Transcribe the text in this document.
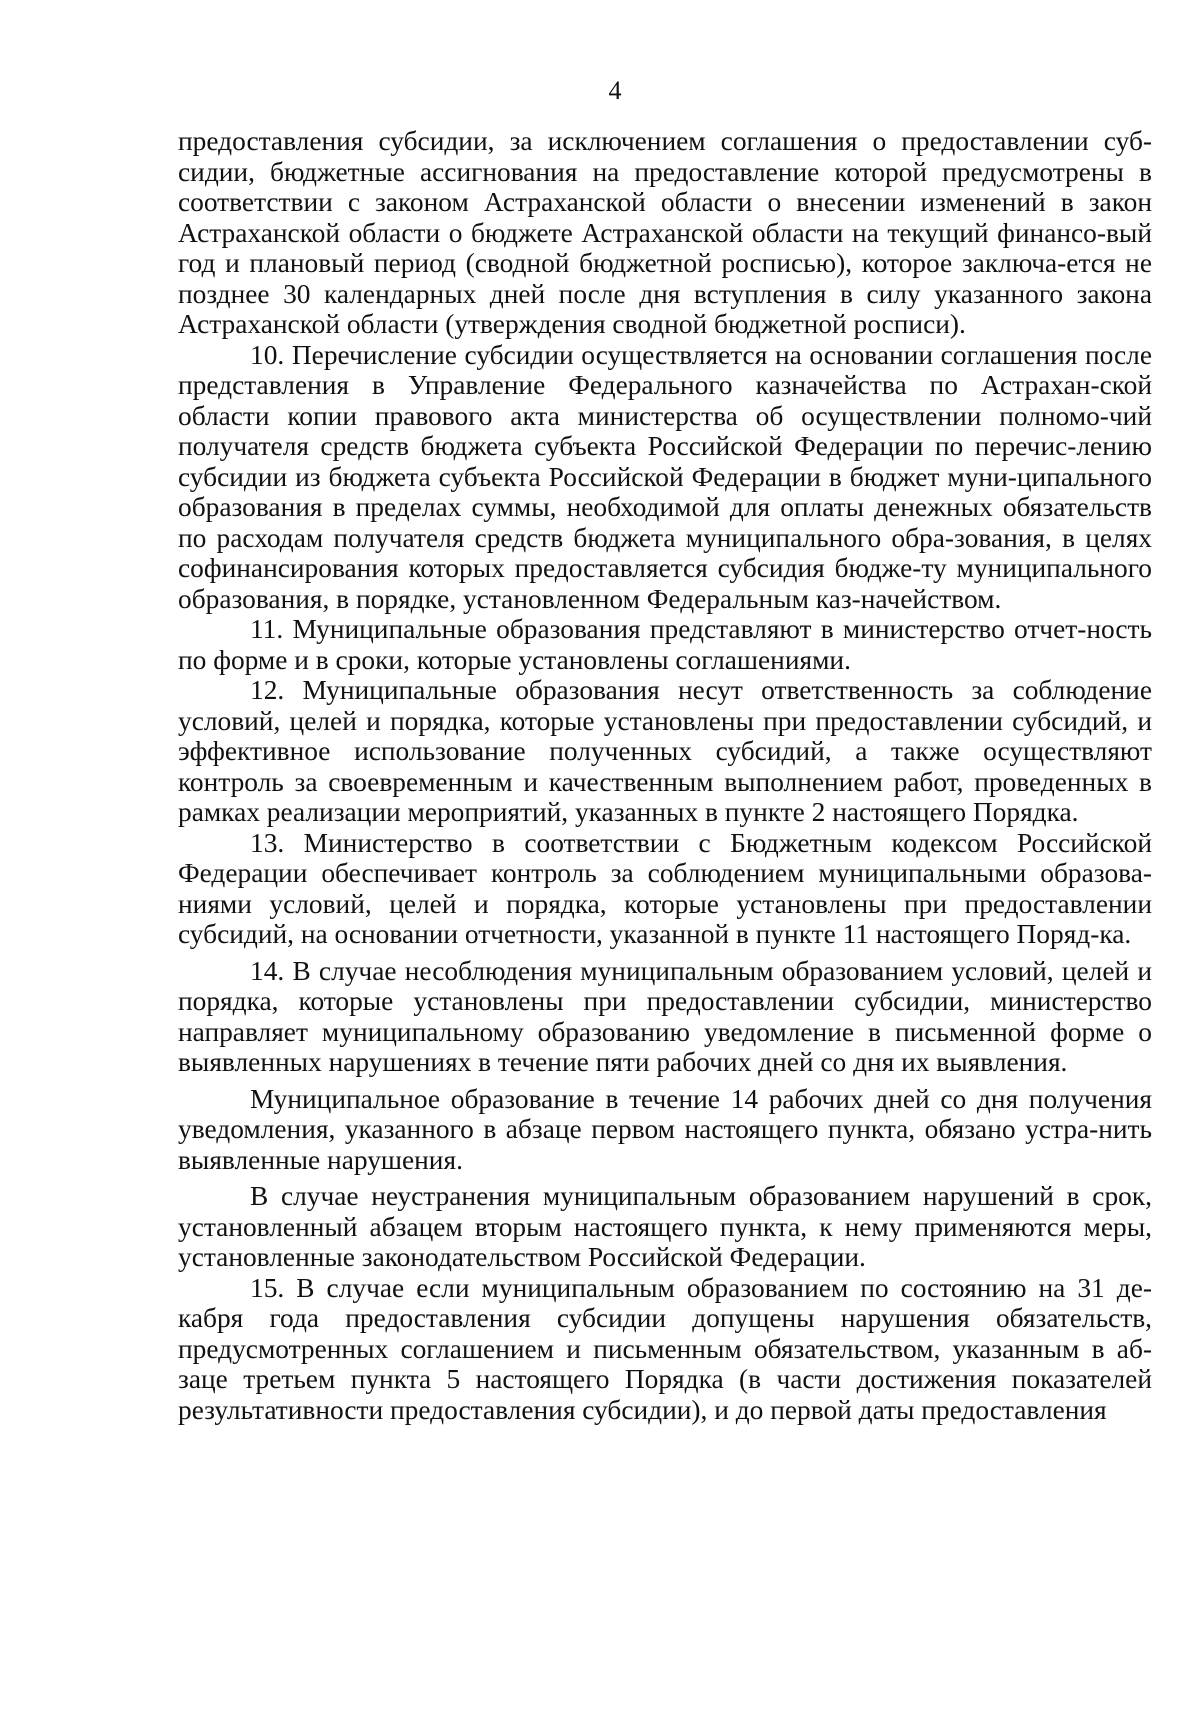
4

предоставления субсидии, за исключением соглашения о предоставлении суб-сидии, бюджетные ассигнования на предоставление которой предусмотрены в соответствии с законом Астраханской области о внесении изменений в закон Астраханской области о бюджете Астраханской области на текущий финансо-вый год и плановый период (сводной бюджетной росписью), которое заключа-ется не позднее 30 календарных дней после дня вступления в силу указанного закона Астраханской области (утверждения сводной бюджетной росписи).

10. Перечисление субсидии осуществляется на основании соглашения после представления в Управление Федерального казначейства по Астрахан-ской области копии правового акта министерства об осуществлении полномо-чий получателя средств бюджета субъекта Российской Федерации по перечис-лению субсидии из бюджета субъекта Российской Федерации в бюджет муни-ципального образования в пределах суммы, необходимой для оплаты денежных обязательств по расходам получателя средств бюджета муниципального обра-зования, в целях софинансирования которых предоставляется субсидия бюдже-ту муниципального образования, в порядке, установленном Федеральным каз-начейством.

11. Муниципальные образования представляют в министерство отчет-ность по форме и в сроки, которые установлены соглашениями.

12. Муниципальные образования несут ответственность за соблюдение условий, целей и порядка, которые установлены при предоставлении субсидий, и эффективное использование полученных субсидий, а также осуществляют контроль за своевременным и качественным выполнением работ, проведенных в рамках реализации мероприятий, указанных в пункте 2 настоящего Порядка.

13. Министерство в соответствии с Бюджетным кодексом Российской Федерации обеспечивает контроль за соблюдением муниципальными образова-ниями условий, целей и порядка, которые установлены при предоставлении субсидий, на основании отчетности, указанной в пункте 11 настоящего Поряд-ка.

14. В случае несоблюдения муниципальным образованием условий, целей и порядка, которые установлены при предоставлении субсидии, министерство направляет муниципальному образованию уведомление в письменной форме о выявленных нарушениях в течение пяти рабочих дней со дня их выявления.

Муниципальное образование в течение 14 рабочих дней со дня получения уведомления, указанного в абзаце первом настоящего пункта, обязано устра-нить выявленные нарушения.

В случае неустранения муниципальным образованием нарушений в срок, установленный абзацем вторым настоящего пункта, к нему применяются меры, установленные законодательством Российской Федерации.

15. В случае если муниципальным образованием по состоянию на 31 де-кабря года предоставления субсидии допущены нарушения обязательств, предусмотренных соглашением и письменным обязательством, указанным в аб-заце третьем пункта 5 настоящего Порядка (в части достижения показателей результативности предоставления субсидии), и до первой даты предоставления
